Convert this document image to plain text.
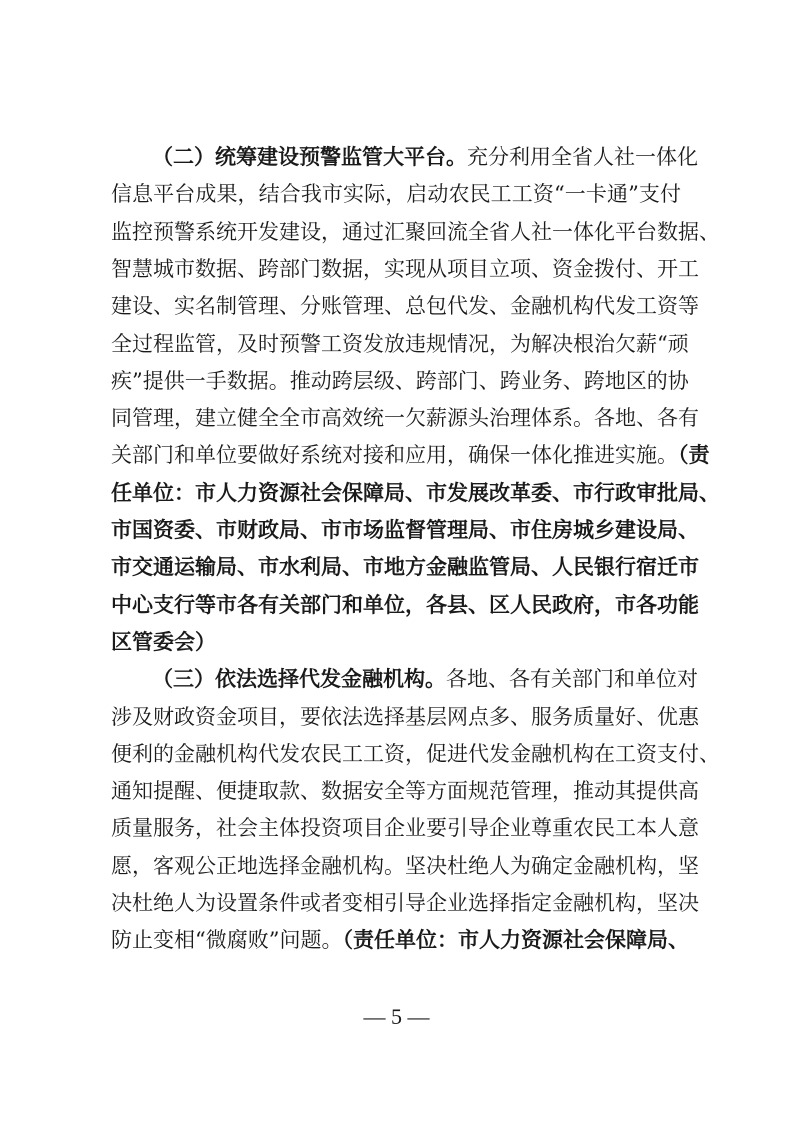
（二）统筹建设预警监管大平台。充分利用全省人社一体化
信息平台成果，结合我市实际，启动农民工工资“一卡通”支付
监控预警系统开发建设，通过汇聚回流全省人社一体化平台数据、
智慧城市数据、跨部门数据，实现从项目立项、资金拨付、开工
建设、实名制管理、分账管理、总包代发、金融机构代发工资等
全过程监管，及时预警工资发放违规情况，为解决根治欠薪“顽
疾”提供一手数据。推动跨层级、跨部门、跨业务、跨地区的协
同管理，建立健全全市高效统一欠薪源头治理体系。各地、各有
关部门和单位要做好系统对接和应用，确保一体化推进实施。（责
任单位：市人力资源社会保障局、市发展改革委、市行政审批局、
市国资委、市财政局、市市场监督管理局、市住房城乡建设局、
市交通运输局、市水利局、市地方金融监管局、人民银行宿迁市
中心支行等市各有关部门和单位，各县、区人民政府，市各功能
区管委会）
（三）依法选择代发金融机构。各地、各有关部门和单位对
涉及财政资金项目，要依法选择基层网点多、服务质量好、优惠
便利的金融机构代发农民工工资，促进代发金融机构在工资支付、
通知提醒、便捷取款、数据安全等方面规范管理，推动其提供高
质量服务，社会主体投资项目企业要引导企业尊重农民工本人意
愿，客观公正地选择金融机构。坚决杜绝人为确定金融机构，坚
决杜绝人为设置条件或者变相引导企业选择指定金融机构，坚决
防止变相“微腐败”问题。（责任单位：市人力资源社会保障局、
— 5 —
